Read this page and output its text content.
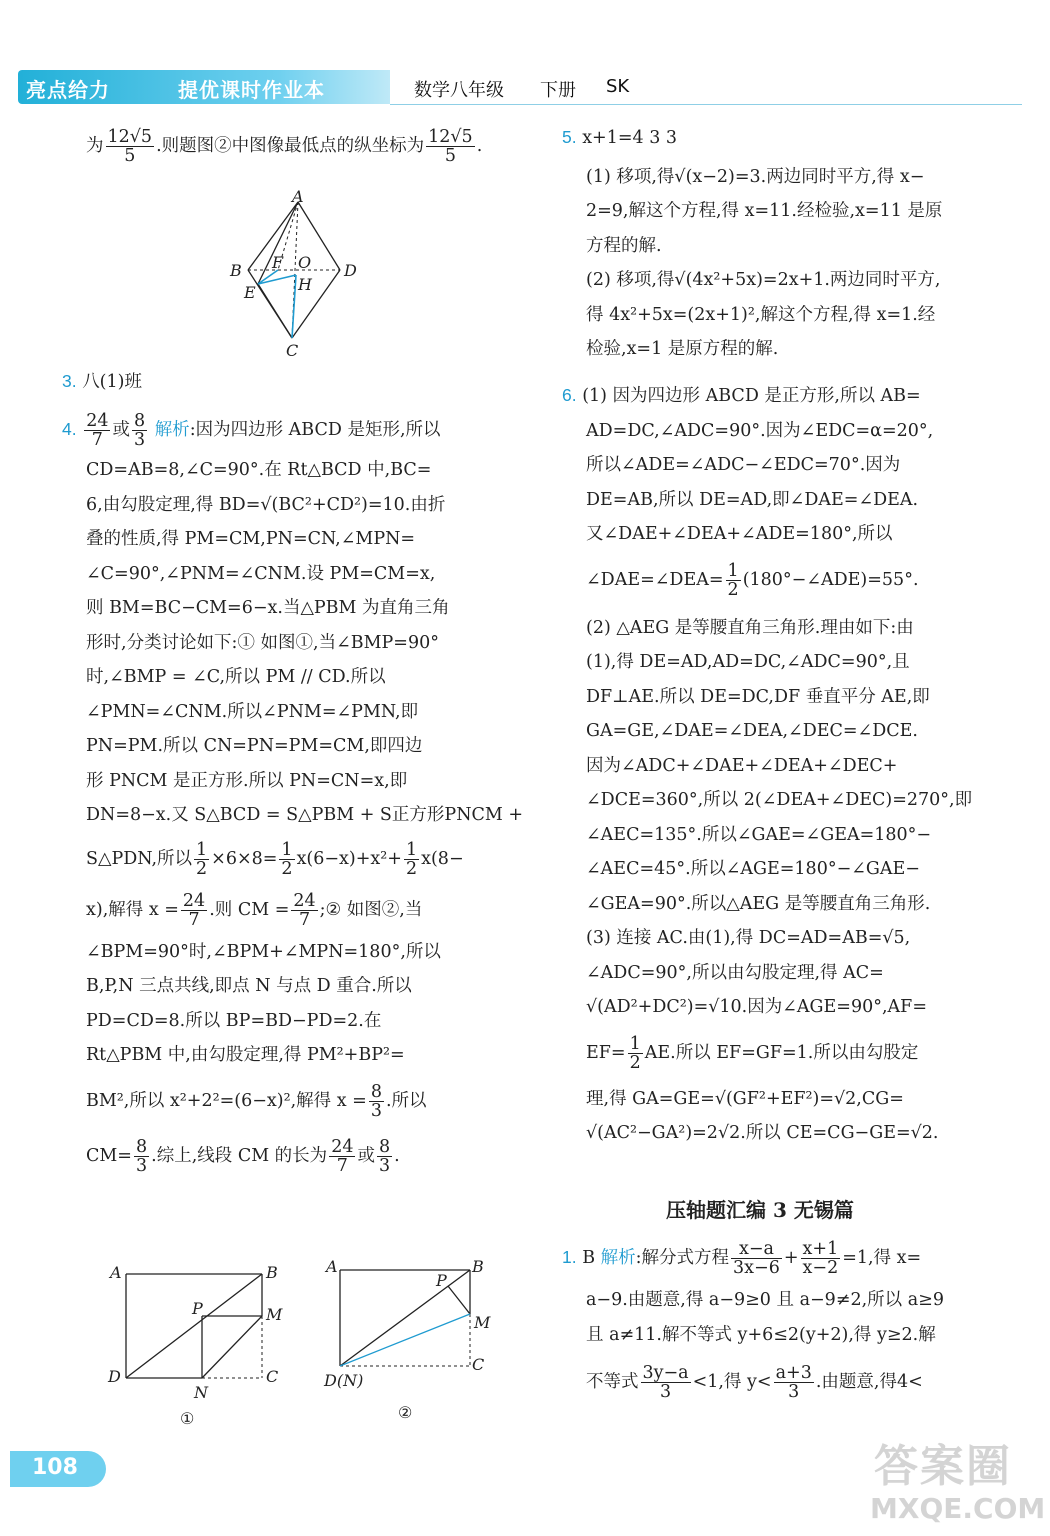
亮点给力	提优课时作业本	数学八年级 下册 SK
为 $\frac{12√5}{5}$ .则题图②中图像最低点的纵坐标为 $\frac{12√5}{5}$ .
A
B F O D
E	H
C
3. 八(1)班
4. $\frac{24}{7}$ 或 $\frac{8}{3}$ 解析:因为四边形 ABCD 是矩形,所以
CD=AB=8,∠C=90°.在 Rt△BCD 中,BC=
6,由勾股定理,得 BD=√(BC²+CD²)=10.由折
叠的性质,得 PM=CM,PN=CN,∠MPN=
∠C=90°,∠PNM=∠CNM.设 PM=CM=x,
则 BM=BC−CM=6−x.当△PBM 为直角三角
形时,分类讨论如下:① 如图①,当∠BMP=90°
时,∠BMP = ∠C,所以 PM // CD.所以
∠PMN=∠CNM.所以∠PNM=∠PMN,即
PN=PM.所以 CN=PN=PM=CM,即四边
形 PNCM 是正方形.所以 PN=CN=x,即
DN=8−x.又 S△BCD = S△PBM + S正方形PNCM +
S△PDN,所以 $\frac{1}{2} \times 6\times 8= \frac{1}{2} x(6-x)+x^2+ \frac{1}{2} x(8-$
x),解得 $x = \frac{24}{7}$ .则 CM = $\frac{24}{7}$ ;② 如图②,当
∠BPM=90°时,∠BPM+∠MPN=180°,所以
B,P,N 三点共线,即点 N 与点 D 重合.所以
PD=CD=8.所以 BP=BD−PD=2.在
Rt△PBM 中,由勾股定理,得 PM²+BP²=
BM²,所以 x²+2²=(6−x)²,解得 $x = \frac{8}{3}$ .所以
$CM= \frac{8}{3}$ .综上,线段 CM 的长为 $\frac{24}{7}$ 或 $\frac{8}{3}$ .
A	B
P	M
D
N
C
①
A	B
P
M
D(N)
C
②
5. x+1=4 3 3
(1) 移项,得√(x−2)=3.两边同时平方,得 x−
2=9,解这个方程,得 x=11.经检验,x=11 是原
方程的解.
(2) 移项,得√(4x²+5x)=2x+1.两边同时平方,
得 4x²+5x=(2x+1)²,解这个方程,得 x=1.经
检验,x=1 是原方程的解.
6. (1) 因为四边形 ABCD 是正方形,所以 AB=
AD=DC,∠ADC=90°.因为∠EDC=α=20°,
所以∠ADE=∠ADC−∠EDC=70°.因为
DE=AB,所以 DE=AD,即∠DAE=∠DEA.
又∠DAE+∠DEA+∠ADE=180°,所以
∠DAE=∠DEA= $\frac{1}{2}$ (180°−∠ADE)=55°.
(2) △AEG 是等腰直角三角形.理由如下:由
(1),得 DE=AD,AD=DC,∠ADC=90°,且
DF⊥AE.所以 DE=DC,DF 垂直平分 AE,即
GA=GE,∠DAE=∠DEA,∠DEC=∠DCE.
因为∠ADC+∠DAE+∠DEA+∠DEC+
∠DCE=360°,所以 2(∠DEA+∠DEC)=270°,即
∠AEC=135°.所以∠GAE=∠GEA=180°−
∠AEC=45°.所以∠AGE=180°−∠GAE−
∠GEA=90°.所以△AEG 是等腰直角三角形.
(3) 连接 AC.由(1),得 DC=AD=AB=√5,
∠ADC=90°,所以由勾股定理,得 AC=
√(AD²+DC²)=√10.因为∠AGE=90°,AF=
$EF= \frac{1}{2}$ AE.所以 EF=GF=1.所以由勾股定
理,得 GA=GE=√(GF²+EF²)=√2,CG=
√(AC²−GA²)=2√2.所以 CE=CG−GE=√2.
压轴题汇编 3 无锡篇
1. B 解析:解分式方程 $\frac{x-a}{3x-6} + \frac{x+1}{x-2} =1$,得 x=
a−9.由题意,得 a−9≥0 且 a−9≠2,所以 a≥9
且 a≠11.解不等式 y+6≤2(y+2),得 y≥2.解
不等式 $\frac{3y-a}{3} <1$,得 $y< \frac{a+3}{3}$ .由题意,得4<
108	答案圈
MXQE.COM
